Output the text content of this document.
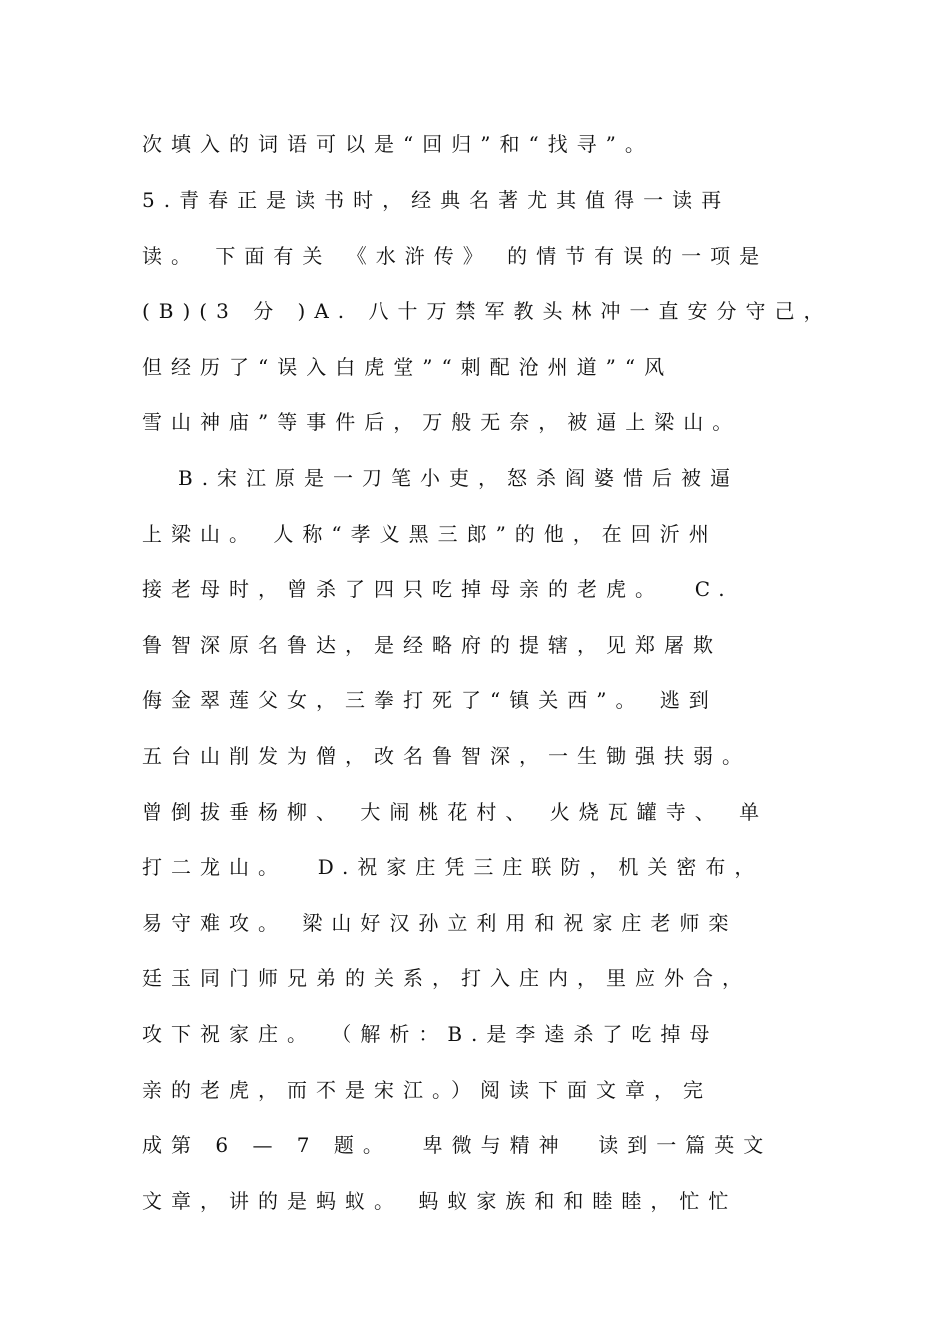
次填入的词语可以是“回归”和“找寻”。
5.青春正是读书时，经典名著尤其值得一读再
读。 下面有关 《水浒传》 的情节有误的一项是
(B)(3 分 )A. 八十万禁军教头林冲一直安分守己，
但经历了“误入白虎堂”“刺配沧州道”“风
雪山神庙”等事件后，万般无奈，被逼上梁山。
B.宋江原是一刀笔小吏，怒杀阎婆惜后被逼
上梁山。 人称“孝义黑三郎”的他，在回沂州
接老母时，曾杀了四只吃掉母亲的老虎。  C.
鲁智深原名鲁达，是经略府的提辖，见郑屠欺
侮金翠莲父女，三拳打死了“镇关西”。 逃到
五台山削发为僧，改名鲁智深，一生锄强扶弱。
曾倒拔垂杨柳、 大闹桃花村、 火烧瓦罐寺、 单
打二龙山。  D.祝家庄凭三庄联防，机关密布，
易守难攻。 梁山好汉孙立利用和祝家庄老师栾
廷玉同门师兄弟的关系，打入庄内，里应外合，
攻下祝家庄。 （解析：B.是李逵杀了吃掉母
亲的老虎，而不是宋江。）阅读下面文章，完
成第 6 — 7 题。  卑微与精神  读到一篇英文
文章，讲的是蚂蚁。 蚂蚁家族和和睦睦，忙忙
